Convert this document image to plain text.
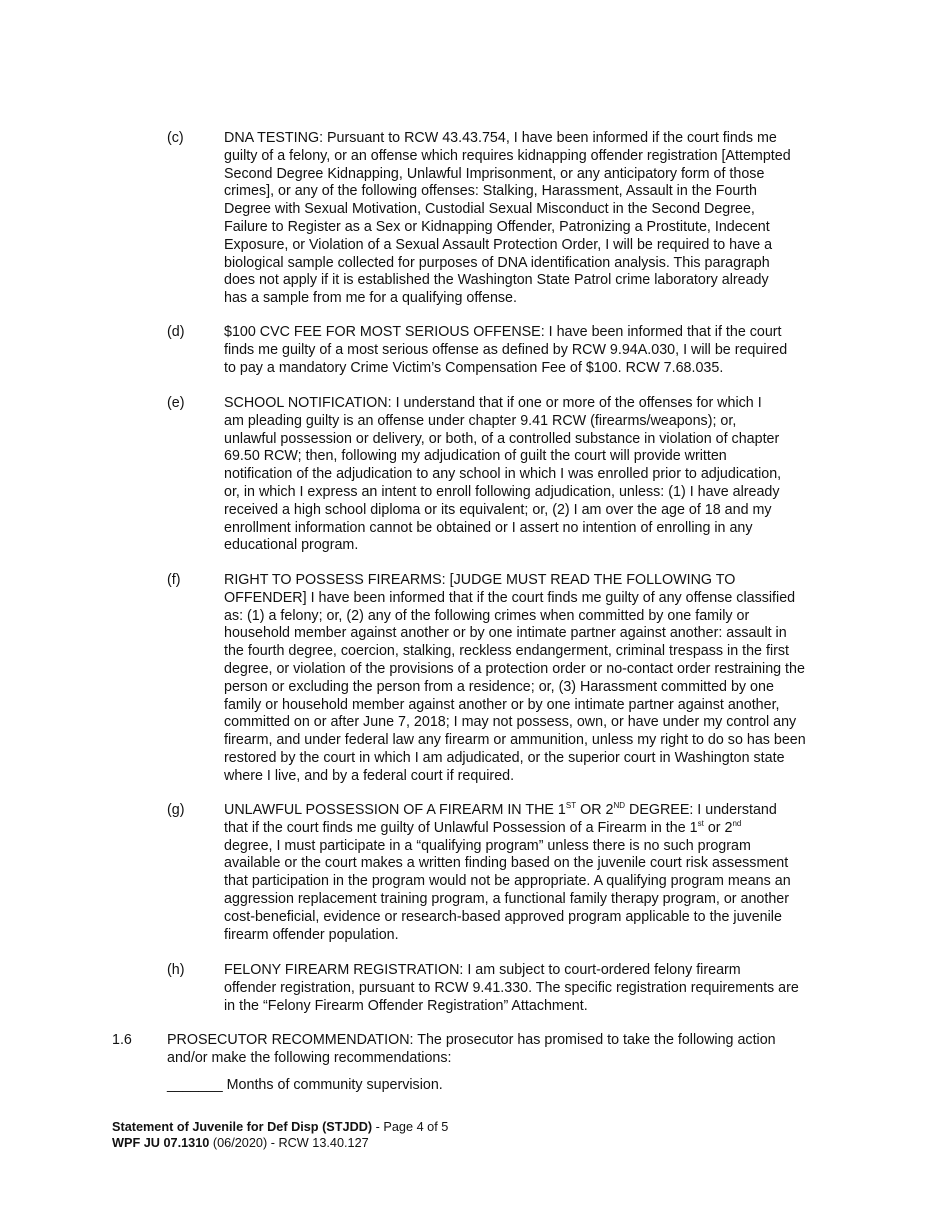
(c)	DNA TESTING: Pursuant to RCW 43.43.754, I have been informed if the court finds me
guilty of a felony, or an offense which requires kidnapping offender registration [Attempted
Second Degree Kidnapping, Unlawful Imprisonment, or any anticipatory form of those
crimes], or any of the following offenses: Stalking, Harassment, Assault in the Fourth
Degree with Sexual Motivation, Custodial Sexual Misconduct in the Second Degree,
Failure to Register as a Sex or Kidnapping Offender, Patronizing a Prostitute, Indecent
Exposure, or Violation of a Sexual Assault Protection Order, I will be required to have a
biological sample collected for purposes of DNA identification analysis. This paragraph
does not apply if it is established the Washington State Patrol crime laboratory already
has a sample from me for a qualifying offense.
(d)	$100 CVC FEE FOR MOST SERIOUS OFFENSE: I have been informed that if the court
finds me guilty of a most serious offense as defined by RCW 9.94A.030, I will be required
to pay a mandatory Crime Victim’s Compensation Fee of $100. RCW 7.68.035.
(e)	SCHOOL NOTIFICATION: I understand that if one or more of the offenses for which I
am pleading guilty is an offense under chapter 9.41 RCW (firearms/weapons); or,
unlawful possession or delivery, or both, of a controlled substance in violation of chapter
69.50 RCW; then, following my adjudication of guilt the court will provide written
notification of the adjudication to any school in which I was enrolled prior to adjudication,
or, in which I express an intent to enroll following adjudication, unless: (1) I have already
received a high school diploma or its equivalent; or, (2) I am over the age of 18 and my
enrollment information cannot be obtained or I assert no intention of enrolling in any
educational program.
(f)	RIGHT TO POSSESS FIREARMS: [JUDGE MUST READ THE FOLLOWING TO
OFFENDER] I have been informed that if the court finds me guilty of any offense classified
as: (1) a felony; or, (2) any of the following crimes when committed by one family or
household member against another or by one intimate partner against another: assault in
the fourth degree, coercion, stalking, reckless endangerment, criminal trespass in the first
degree, or violation of the provisions of a protection order or no-contact order restraining the
person or excluding the person from a residence; or, (3) Harassment committed by one
family or household member against another or by one intimate partner against another,
committed on or after June 7, 2018; I may not possess, own, or have under my control any
firearm, and under federal law any firearm or ammunition, unless my right to do so has been
restored by the court in which I am adjudicated, or the superior court in Washington state
where I live, and by a federal court if required.
(g)	UNLAWFUL POSSESSION OF A FIREARM IN THE 1ST OR 2ND DEGREE: I understand
that if the court finds me guilty of Unlawful Possession of a Firearm in the 1st or 2nd
degree, I must participate in a “qualifying program” unless there is no such program
available or the court makes a written finding based on the juvenile court risk assessment
that participation in the program would not be appropriate. A qualifying program means an
aggression replacement training program, a functional family therapy program, or another
cost-beneficial, evidence or research-based approved program applicable to the juvenile
firearm offender population.
(h)	FELONY FIREARM REGISTRATION: I am subject to court-ordered felony firearm
offender registration, pursuant to RCW 9.41.330. The specific registration requirements are
in the “Felony Firearm Offender Registration” Attachment.
1.6 PROSECUTOR RECOMMENDATION: The prosecutor has promised to take the following action
and/or make the following recommendations:
_______ Months of community supervision.
Statement of Juvenile for Def Disp (STJDD) - Page 4 of 5
WPF JU 07.1310 (06/2020) - RCW 13.40.127
